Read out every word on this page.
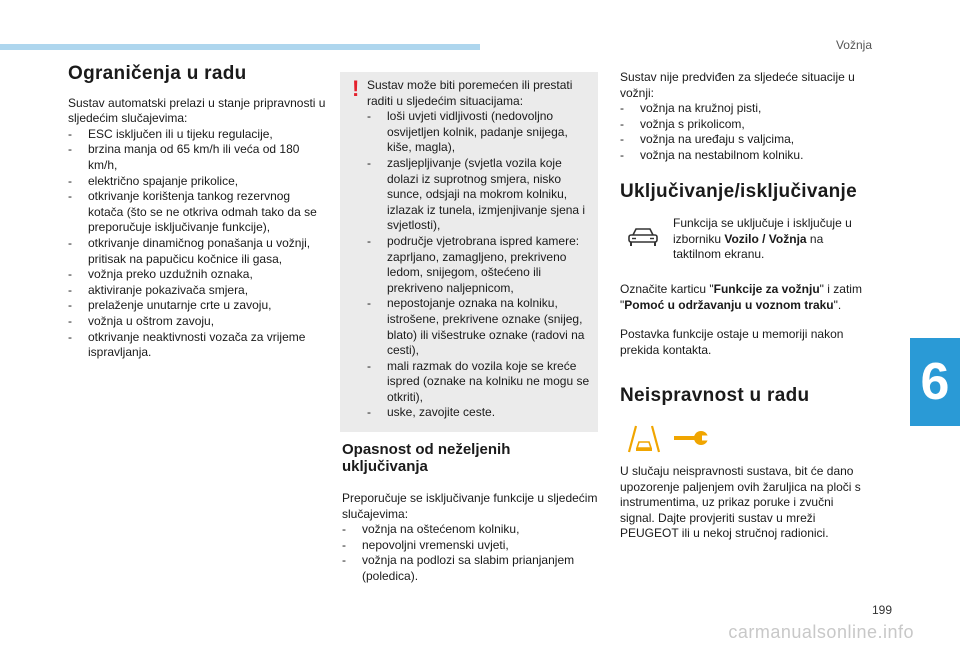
Vožnja
6
Ograničenja u radu

Sustav automatski prelazi u stanje pripravnosti u sljedećim slučajevima:

- ESC isključen ili u tijeku regulacije,
- brzina manja od 65 km/h ili veća od 180 km/h,
- električno spajanje prikolice,
- otkrivanje korištenja tankog rezervnog kotača (što se ne otkriva odmah tako da se preporučuje isključivanje funkcije),
- otkrivanje dinamičnog ponašanja u vožnji, pritisak na papučicu kočnice ili gasa,
- vožnja preko uzdužnih oznaka,
- aktiviranje pokazivača smjera,
- prelaženje unutarnje crte u zavoju,
- vožnja u oštrom zavoju,
- otkrivanje neaktivnosti vozača za vrijeme ispravljanja.
! Sustav može biti poremećen ili prestati raditi u sljedećim situacijama:

- loši uvjeti vidljivosti (nedovoljno osvijetljen kolnik, padanje snijega, kiše, magla),
- zasljepljivanje (svjetla vozila koje dolazi iz suprotnog smjera, nisko sunce, odsjaji na mokrom kolniku, izlazak iz tunela, izmjenjivanje sjena i svjetlosti),
- područje vjetrobrana ispred kamere: zaprljano, zamagljeno, prekriveno ledom, snijegom, oštećeno ili prekriveno naljepnicom,
- nepostojanje oznaka na kolniku, istrošene, prekrivene oznake (snijeg, blato) ili višestruke oznake (radovi na cesti),
- mali razmak do vozila koje se kreće ispred (oznake na kolniku ne mogu se otkriti),
- uske, zavojite ceste.
Opasnost od neželjenih uključivanja

Preporučuje se isključivanje funkcije u sljedećim slučajevima:

- vožnja na oštećenom kolniku,
- nepovoljni vremenski uvjeti,
- vožnja na podlozi sa slabim prianjanjem (poledica).

Sustav nije predviđen za sljedeće situacije u vožnji:

- vožnja na kružnoj pisti,
- vožnja s prikolicom,
- vožnja na uređaju s valjcima,
- vožnja na nestabilnom kolniku.
Uključivanje/isključivanje

Funkcija se uključuje i isključuje u izborniku Vozilo / Vožnja na taktilnom ekranu.

Označite karticu "Funkcije za vožnju" i zatim "Pomoć u održavanju u voznom traku".

Postavka funkcije ostaje u memoriji nakon prekida kontakta.

Neispravnost u radu

U slučaju neispravnosti sustava, bit će dano upozorenje paljenjem ovih žaruljica na ploči s instrumentima, uz prikaz poruke i zvučni signal. Dajte provjeriti sustav u mreži PEUGEOT ili u nekoj stručnoj radionici.

199
carmanualsonline.info
